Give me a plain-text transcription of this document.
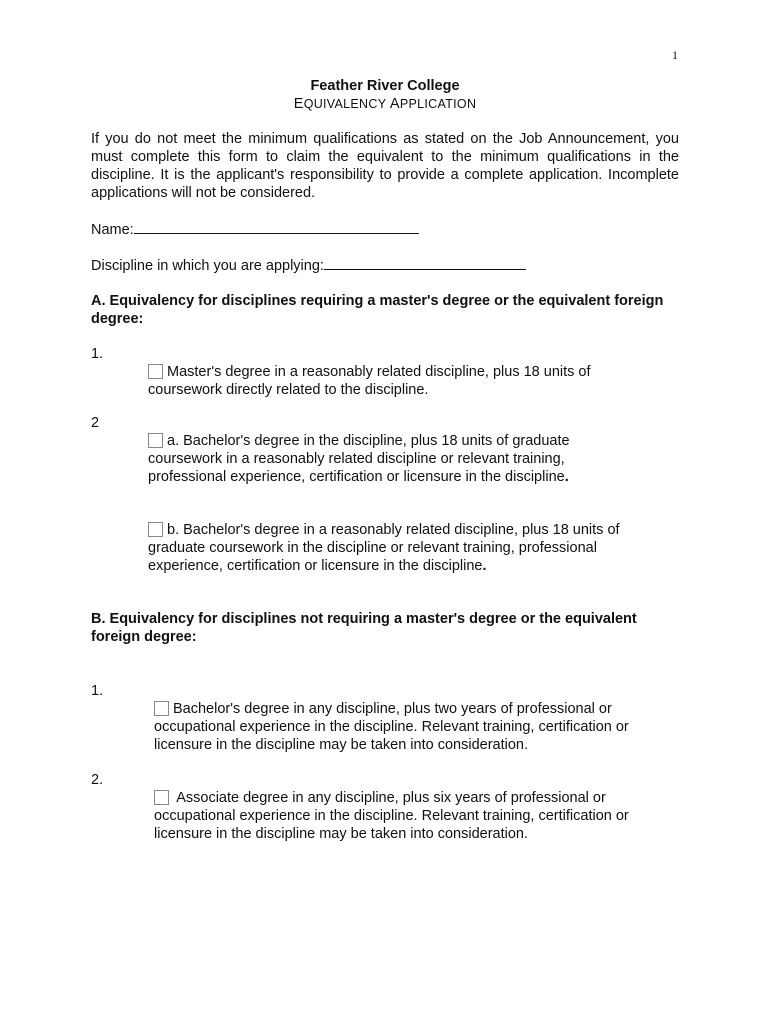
1
Feather River College
EQUIVALENCY APPLICATION
If you do not meet the minimum qualifications as stated on the Job Announcement, you must complete this form to claim the equivalent to the minimum qualifications in the discipline. It is the applicant's responsibility to provide a complete application. Incomplete applications will not be considered.
Name:
Discipline in which you are applying:
A. Equivalency for disciplines requiring a master's degree or the equivalent foreign degree:
1.
Master's degree in a reasonably related discipline, plus 18 units of coursework directly related to the discipline.
2
a. Bachelor's degree in the discipline, plus 18 units of graduate coursework in a reasonably related discipline or relevant training, professional experience, certification or licensure in the discipline.
b. Bachelor's degree in a reasonably related discipline, plus 18 units of graduate coursework in the discipline or relevant training, professional experience, certification or licensure in the discipline.
B. Equivalency for disciplines not requiring a master's degree or the equivalent foreign degree:
1.
Bachelor's degree in any discipline, plus two years of professional or occupational experience in the discipline. Relevant training, certification or licensure in the discipline may be taken into consideration.
2.
Associate degree in any discipline, plus six years of professional or occupational experience in the discipline. Relevant training, certification or licensure in the discipline may be taken into consideration.
